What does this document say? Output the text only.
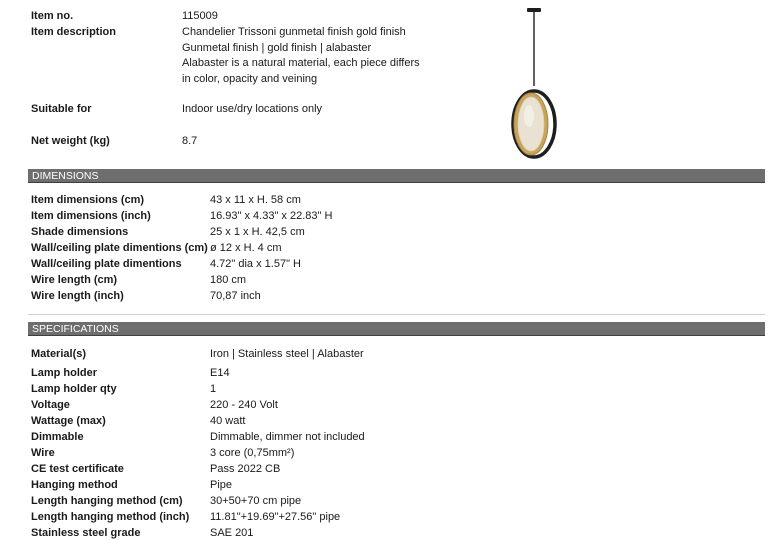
Item no.	115009
Item description	Chandelier Trissoni gunmetal finish gold finish
Gunmetal finish | gold finish | alabaster
Alabaster is a natural material, each piece differs
in color, opacity and veining
Suitable for	Indoor use/dry locations only
Net weight (kg)	8.7
DIMENSIONS
Item dimensions (cm)	43 x 11 x H. 58 cm
Item dimensions (inch)	16.93" x 4.33" x 22.83" H
Shade dimensions	25 x 1 x H. 42,5 cm
Wall/ceiling plate dimentions (cm) ø 12 x H. 4 cm
Wall/ceiling plate dimentions	4.72" dia x 1.57" H
Wire length (cm)	180 cm
Wire length (inch)	70,87 inch
SPECIFICATIONS
Material(s)	Iron | Stainless steel | Alabaster
Lamp holder	E14
Lamp holder qty	1
Voltage	220 - 240 Volt
Wattage (max)	40 watt
Dimmable	Dimmable, dimmer not included
Wire	3 core (0,75mm²)
CE test certificate	Pass 2022 CB
Hanging method	Pipe
Length hanging method (cm) 30+50+70 cm pipe
Length hanging method (inch) 11.81"+19.69"+27.56" pipe
Stainless steel grade	SAE 201
